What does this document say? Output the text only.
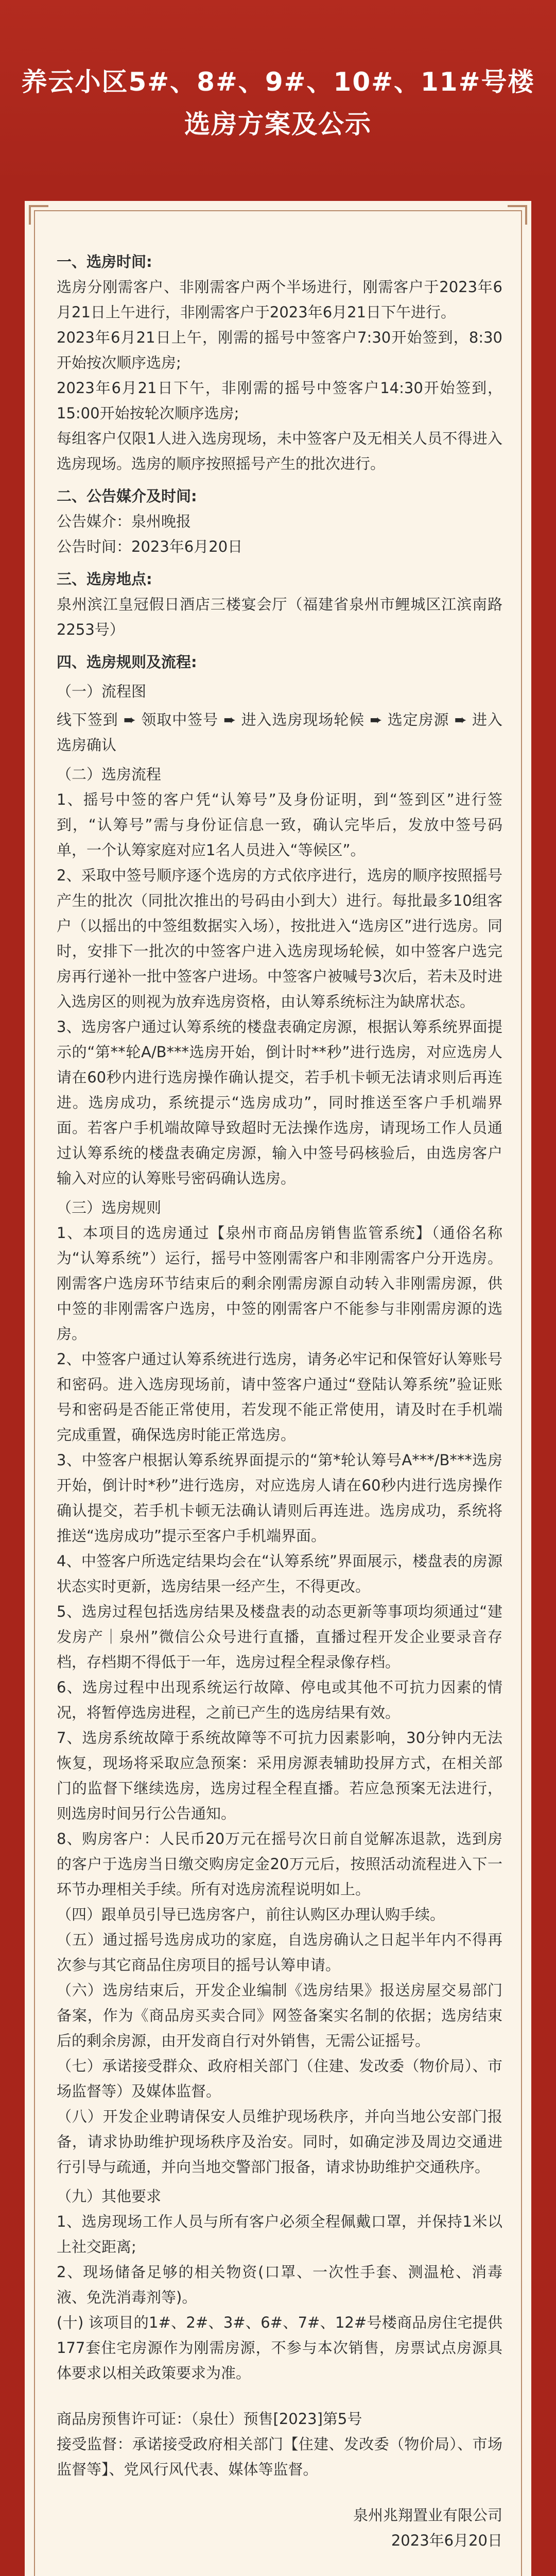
养云小区5#、8#、9#、10#、11#号楼
选房方案及公示

一、选房时间:

选房分刚需客户、非刚需客户两个半场进行，刚需客户于2023年6月21日上午进行，非刚需客户于2023年6月21日下午进行。

2023年6月21日上午，刚需的摇号中签客户7:30开始签到，8:30开始按次顺序选房;

2023年6月21日下午，非刚需的摇号中签客户14:30开始签到，15:00开始按轮次顺序选房;

每组客户仅限1人进入选房现场，未中签客户及无相关人员不得进入选房现场。选房的顺序按照摇号产生的批次进行。

二、公告媒介及时间:

公告媒介：泉州晚报

公告时间：2023年6月20日

三、选房地点:

泉州滨江皇冠假日酒店三楼宴会厅（福建省泉州市鲤城区江滨南路2253号）

四、选房规则及流程:

（一）流程图

线下签到 ➨ 领取中签号 ➨ 进入选房现场轮候 ➨ 选定房源 ➨ 进入选房确认

（二）选房流程

1、摇号中签的客户凭“认筹号”及身份证明，到“签到区”进行签到，“认筹号”需与身份证信息一致，确认完毕后，发放中签号码单，一个认筹家庭对应1名人员进入“等候区”。

2、采取中签号顺序逐个选房的方式依序进行，选房的顺序按照摇号产生的批次（同批次推出的号码由小到大）进行。每批最多10组客户（以摇出的中签组数据实入场），按批进入“选房区”进行选房。同时，安排下一批次的中签客户进入选房现场轮候，如中签客户选完房再行递补一批中签客户进场。中签客户被喊号3次后，若未及时进入选房区的则视为放弃选房资格，由认筹系统标注为缺席状态。

3、选房客户通过认筹系统的楼盘表确定房源，根据认筹系统界面提示的“第**轮A/B***选房开始，倒计时**秒”进行选房，对应选房人请在60秒内进行选房操作确认提交，若手机卡顿无法请求则后再连进。选房成功，系统提示“选房成功”，同时推送至客户手机端界面。若客户手机端故障导致超时无法操作选房，请现场工作人员通过认筹系统的楼盘表确定房源，输入中签号码核验后，由选房客户输入对应的认筹账号密码确认选房。

（三）选房规则

1、本项目的选房通过【泉州市商品房销售监管系统】（通俗名称为“认筹系统”）运行，摇号中签刚需客户和非刚需客户分开选房。刚需客户选房环节结束后的剩余刚需房源自动转入非刚需房源，供中签的非刚需客户选房，中签的刚需客户不能参与非刚需房源的选房。

2、中签客户通过认筹系统进行选房，请务必牢记和保管好认筹账号和密码。进入选房现场前，请中签客户通过“登陆认筹系统”验证账号和密码是否能正常使用，若发现不能正常使用，请及时在手机端完成重置，确保选房时能正常选房。

3、中签客户根据认筹系统界面提示的“第*轮认筹号A***/B***选房开始，倒计时*秒”进行选房，对应选房人请在60秒内进行选房操作确认提交，若手机卡顿无法确认请则后再连进。选房成功，系统将推送“选房成功”提示至客户手机端界面。

4、中签客户所选定结果均会在“认筹系统”界面展示，楼盘表的房源状态实时更新，选房结果一经产生，不得更改。

5、选房过程包括选房结果及楼盘表的动态更新等事项均须通过“建发房产｜泉州”微信公众号进行直播，直播过程开发企业要录音存档，存档期不得低于一年，选房过程全程录像存档。

6、选房过程中出现系统运行故障、停电或其他不可抗力因素的情况，将暂停选房进程，之前已产生的选房结果有效。

7、选房系统故障于系统故障等不可抗力因素影响，30分钟内无法恢复，现场将采取应急预案：采用房源表辅助投屏方式，在相关部门的监督下继续选房，选房过程全程直播。若应急预案无法进行，则选房时间另行公告通知。

8、购房客户：人民币20万元在摇号次日前自觉解冻退款，选到房的客户于选房当日缴交购房定金20万元后，按照活动流程进入下一环节办理相关手续。所有对选房流程说明如上。

（四）跟单员引导已选房客户，前往认购区办理认购手续。

（五）通过摇号选房成功的家庭，自选房确认之日起半年内不得再次参与其它商品住房项目的摇号认筹申请。

（六）选房结束后，开发企业编制《选房结果》报送房屋交易部门备案，作为《商品房买卖合同》网签备案实名制的依据；选房结束后的剩余房源，由开发商自行对外销售，无需公证摇号。

（七）承诺接受群众、政府相关部门（住建、发改委（物价局）、市场监督等）及媒体监督。

（八）开发企业聘请保安人员维护现场秩序，并向当地公安部门报备，请求协助维护现场秩序及治安。同时，如确定涉及周边交通进行引导与疏通，并向当地交警部门报备，请求协助维护交通秩序。

（九）其他要求

1、选房现场工作人员与所有客户必须全程佩戴口罩，并保持1米以上社交距离;

2、现场储备足够的相关物资(口罩、一次性手套、测温枪、消毒液、免洗消毒剂等)。

(十) 该项目的1#、2#、3#、6#、7#、12#号楼商品房住宅提供177套住宅房源作为刚需房源，不参与本次销售，房票试点房源具体要求以相关政策要求为准。

商品房预售许可证：（泉仕）预售[2023]第5号

接受监督：承诺接受政府相关部门【住建、发改委（物价局）、市场监督等】、党风行风代表、媒体等监督。

泉州兆翔置业有限公司

2023年6月20日
